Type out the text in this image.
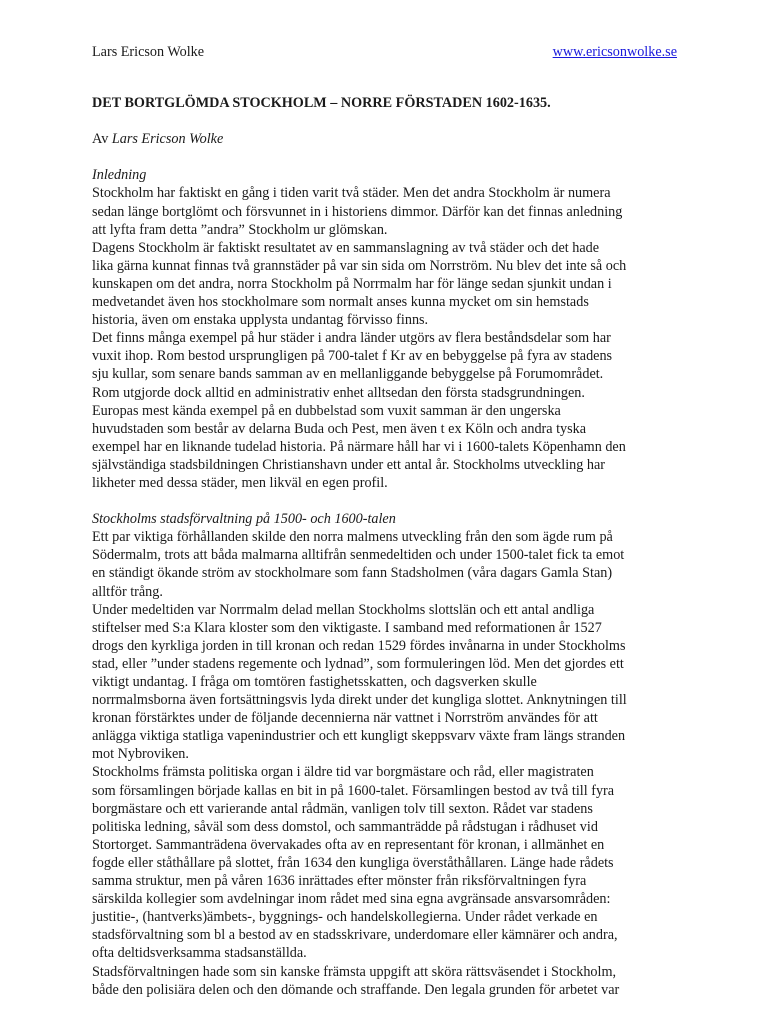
Lars Ericson Wolke	www.ericsonwolke.se
DET BORTGLÖMDA STOCKHOLM – NORRE FÖRSTADEN 1602-1635.
Av Lars Ericson Wolke
Inledning
Stockholm har faktiskt en gång i tiden varit två städer. Men det andra Stockholm är numera
sedan länge bortglömt och försvunnet in i historiens dimmor. Därför kan det finnas anledning
att lyfta fram detta ”andra” Stockholm ur glömskan.
Dagens Stockholm är faktiskt resultatet av en sammanslagning av två städer och det hade
lika gärna kunnat finnas två grannstäder på var sin sida om Norrström. Nu blev det inte så och
kunskapen om det andra, norra Stockholm på Norrmalm har för länge sedan sjunkit undan i
medvetandet även hos stockholmare som normalt anses kunna mycket om sin hemstads
historia, även om enstaka upplysta undantag förvisso finns.
Det finns många exempel på hur städer i andra länder utgörs av flera beståndsdelar som har
vuxit ihop. Rom bestod ursprungligen på 700-talet f Kr av en bebyggelse på fyra av stadens
sju kullar, som senare bands samman av en mellanliggande bebyggelse på Forumområdet.
Rom utgjorde dock alltid en administrativ enhet alltsedan den första stadsgrundningen.
Europas mest kända exempel på en dubbelstad som vuxit samman är den ungerska
huvudstaden som består av delarna Buda och Pest, men även t ex Köln och andra tyska
exempel har en liknande tudelad historia. På närmare håll har vi i 1600-talets Köpenhamn den
självständiga stadsbildningen Christianshavn under ett antal år. Stockholms utveckling har
likheter med dessa städer, men likväl en egen profil.
Stockholms stadsförvaltning på 1500- och 1600-talen
Ett par viktiga förhållanden skilde den norra malmens utveckling från den som ägde rum på
Södermalm, trots att båda malmarna alltifrån senmedeltiden och under 1500-talet fick ta emot
en ständigt ökande ström av stockholmare som fann Stadsholmen (våra dagars Gamla Stan)
alltför trång.
Under medeltiden var Norrmalm delad mellan Stockholms slottslän och ett antal andliga
stiftelser med S:a Klara kloster som den viktigaste. I samband med reformationen år 1527
drogs den kyrkliga jorden in till kronan och redan 1529 fördes invånarna in under Stockholms
stad, eller ”under stadens regemente och lydnad”, som formuleringen löd. Men det gjordes ett
viktigt undantag. I fråga om tomtören fastighetsskatten, och dagsverken skulle
norrmalmsborna även fortsättningsvis lyda direkt under det kungliga slottet. Anknytningen till
kronan förstärktes under de följande decennierna när vattnet i Norrström användes för att
anlägga viktiga statliga vapenindustrier och ett kungligt skeppsvarv växte fram längs stranden
mot Nybroviken.
Stockholms främsta politiska organ i äldre tid var borgmästare och råd, eller magistraten
som församlingen började kallas en bit in på 1600-talet. Församlingen bestod av två till fyra
borgmästare och ett varierande antal rådmän, vanligen tolv till sexton. Rådet var stadens
politiska ledning, såväl som dess domstol, och sammanträdde på rådstugan i rådhuset vid
Stortorget. Sammanträdena övervakades ofta av en representant för kronan, i allmänhet en
fogde eller ståthållare på slottet, från 1634 den kungliga överståthållaren. Länge hade rådets
samma struktur, men på våren 1636 inrättades efter mönster från riksförvaltningen fyra
särskilda kollegier som avdelningar inom rådet med sina egna avgränsade ansvarsområden:
justitie-, (hantverks)ämbets-, byggnings- och handelskollegierna. Under rådet verkade en
stadsförvaltning som bl a bestod av en stadsskrivare, underdomare eller kämnärer och andra,
ofta deltidsverksamma stadsanställda.
Stadsförvaltningen hade som sin kanske främsta uppgift att sköra rättsväsendet i Stockholm,
både den polisiära delen och den dömande och straffande. Den legala grunden för arbetet var
